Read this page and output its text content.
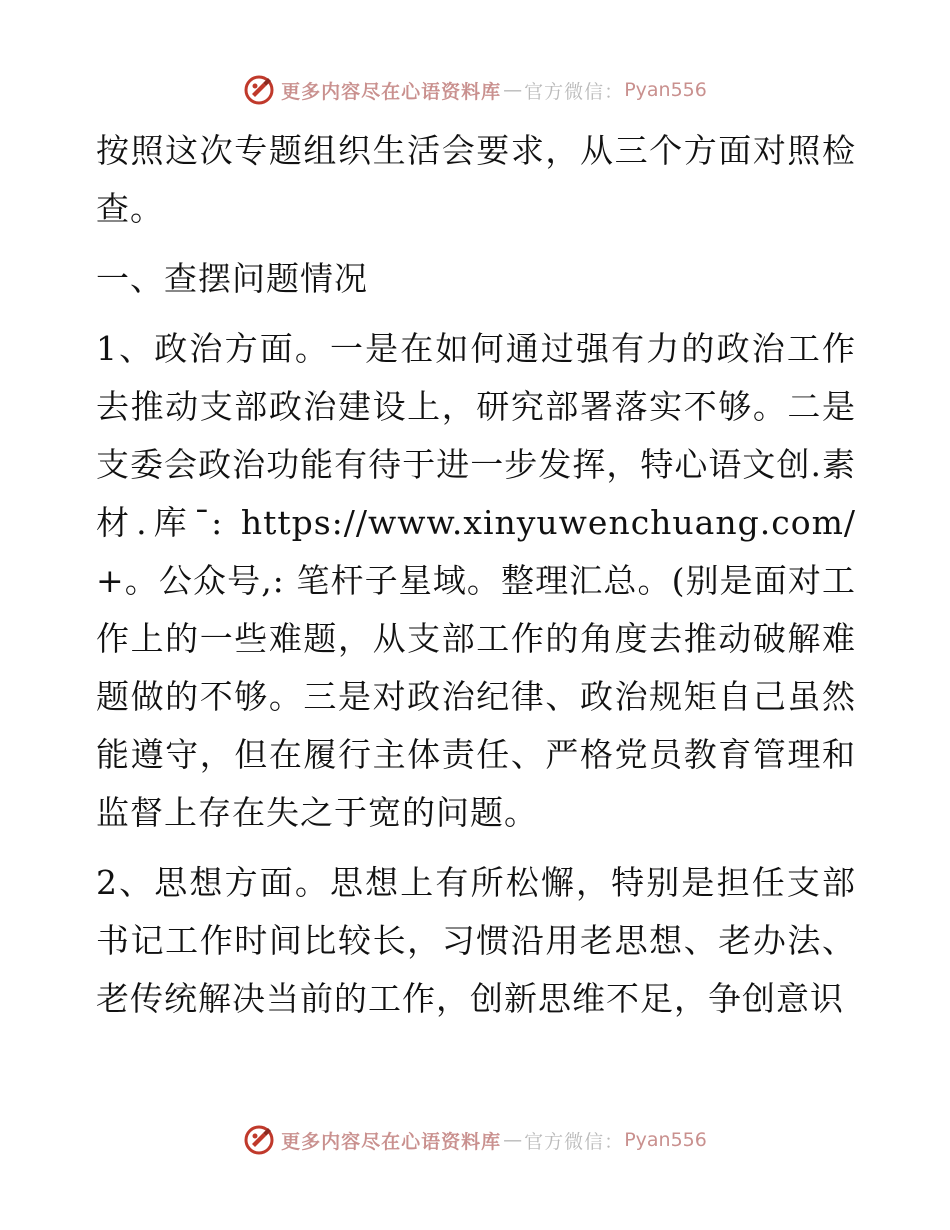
更多内容尽在心语资料库 — 官方微信： Pyan556

按照这次专题组织生活会要求，从三个方面对照检查。

一、查摆问题情况

1、政治方面。一是在如何通过强有力的政治工作去推动支部政治建设上，研究部署落实不够。二是支委会政治功能有待于进一步发挥，特心语文创.素材.库¯: https://www.xinyuwenchuang.com/+。公众号,: 笔杆子星域。整理汇总。(别是面对工作上的一些难题，从支部工作的角度去推动破解难题做的不够。三是对政治纪律、政治规矩自己虽然能遵守，但在履行主体责任、严格党员教育管理和监督上存在失之于宽的问题。

2、思想方面。思想上有所松懈，特别是担任支部书记工作时间比较长，习惯沿用老思想、老办法、老传统解决当前的工作，创新思维不足，争创意识

更多内容尽在心语资料库 — 官方微信： Pyan556
